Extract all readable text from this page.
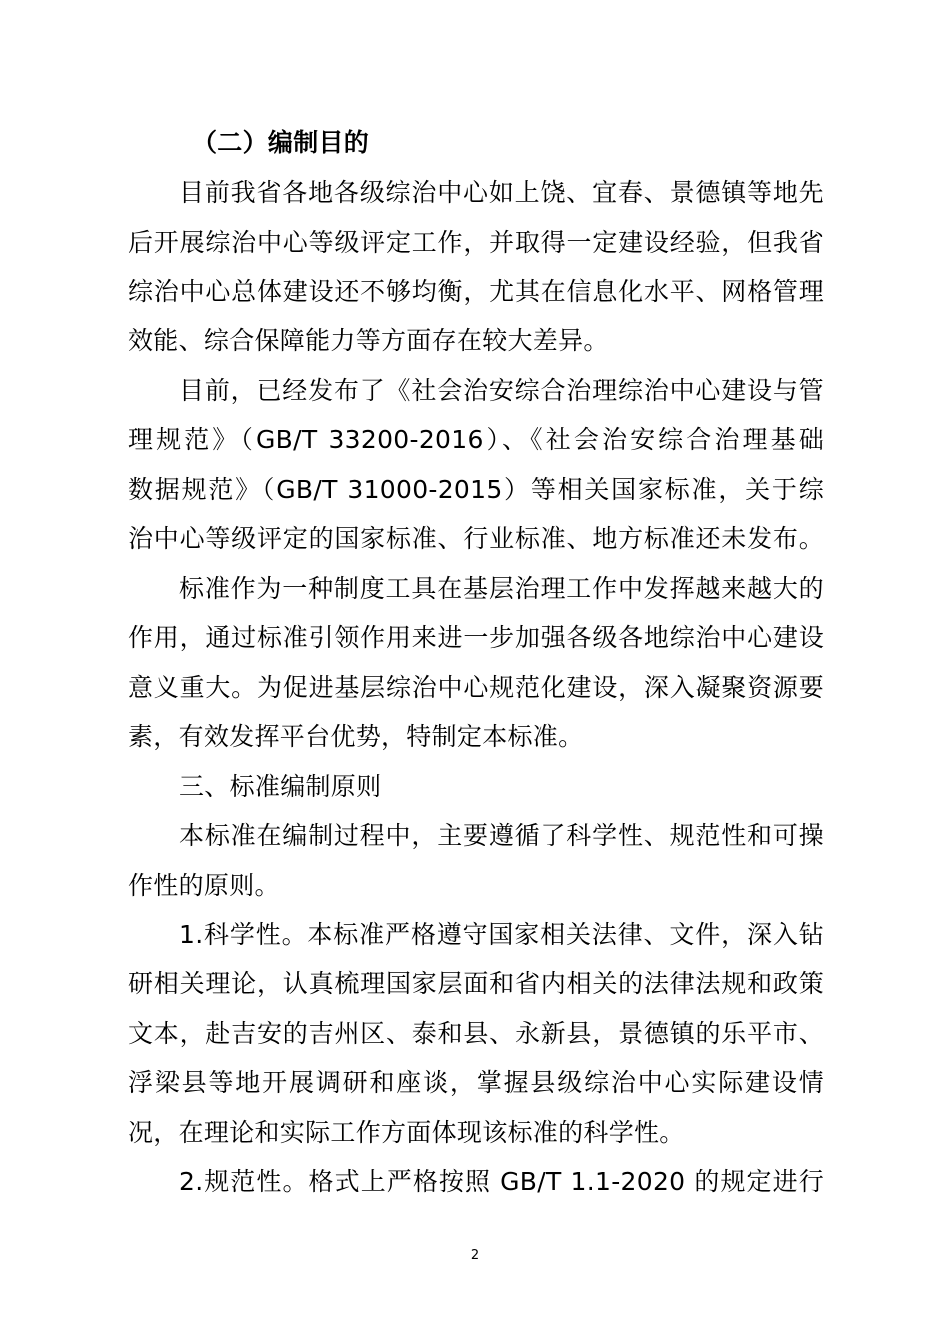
（二）编制目的
目前我省各地各级综治中心如上饶、宜春、景德镇等地先
后开展综治中心等级评定工作，并取得一定建设经验，但我省
综治中心总体建设还不够均衡，尤其在信息化水平、网格管理
效能、综合保障能力等方面存在较大差异。
目前，已经发布了《社会治安综合治理综治中心建设与管
理规范》（GB/T 33200-2016）、《社会治安综合治理基础
数据规范》（GB/T 31000-2015）等相关国家标准，关于综
治中心等级评定的国家标准、行业标准、地方标准还未发布。
标准作为一种制度工具在基层治理工作中发挥越来越大的
作用，通过标准引领作用来进一步加强各级各地综治中心建设
意义重大。为促进基层综治中心规范化建设，深入凝聚资源要
素，有效发挥平台优势，特制定本标准。
三、标准编制原则
本标准在编制过程中，主要遵循了科学性、规范性和可操
作性的原则。
1.科学性。本标准严格遵守国家相关法律、文件，深入钻
研相关理论，认真梳理国家层面和省内相关的法律法规和政策
文本，赴吉安的吉州区、泰和县、永新县，景德镇的乐平市、
浮梁县等地开展调研和座谈，掌握县级综治中心实际建设情
况，在理论和实际工作方面体现该标准的科学性。
2.规范性。格式上严格按照 GB/T 1.1-2020 的规定进行
2
